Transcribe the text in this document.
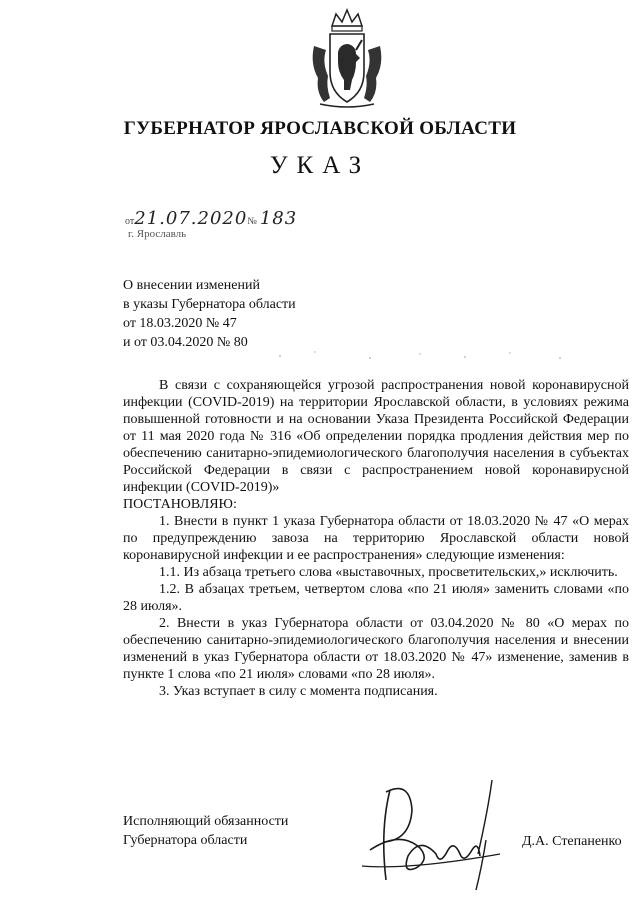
ГУБЕРНАТОР ЯРОСЛАВСКОЙ ОБЛАСТИ
УКАЗ
от21.07.2020№ 183
г. Ярославль
О внесении изменений
в указы Губернатора области
от 18.03.2020 № 47
и от 03.04.2020 № 80

В связи с сохраняющейся угрозой распространения новой коронавирусной инфекции (COVID-2019) на территории Ярославской области, в условиях режима повышенной готовности и на основании Указа Президента Российской Федерации от 11 мая 2020 года № 316 «Об определении порядка продления действия мер по обеспечению санитарно-эпидемиологического благополучия населения в субъектах Российской Федерации в связи с распространением новой коронавирусной инфекции (COVID-2019)»

ПОСТАНОВЛЯЮ:

1. Внести в пункт 1 указа Губернатора области от 18.03.2020 № 47 «О мерах по предупреждению завоза на территорию Ярославской области новой коронавирусной инфекции и ее распространения» следующие изменения:

1.1. Из абзаца третьего слова «выставочных, просветительских,» исключить.

1.2. В абзацах третьем, четвертом слова «по 21 июля» заменить словами «по 28 июля».

2. Внести в указ Губернатора области от 03.04.2020 № 80 «О мерах по обеспечению санитарно-эпидемиологического благополучия населения и внесении изменений в указ Губернатора области от 18.03.2020 № 47» изменение, заменив в пункте 1 слова «по 21 июля» словами «по 28 июля».

3. Указ вступает в силу с момента подписания.

Исполняющий обязанности
Губернатора области	Д.А. Степаненко
